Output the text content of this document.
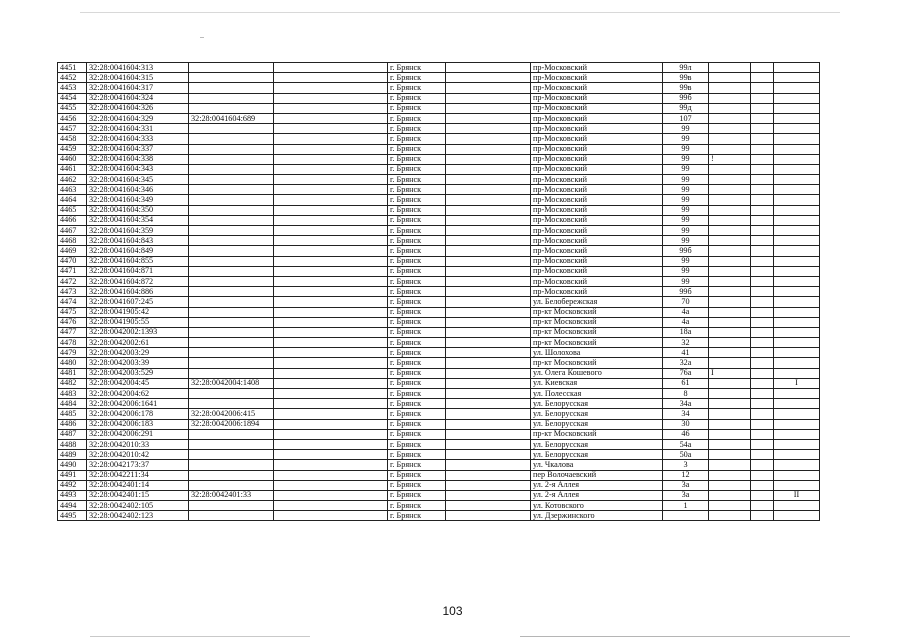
4451	32:28:0041604:313			г. Брянск		пр-Московский	99л			
4452	32:28:0041604:315			г. Брянск		пр-Московский	99в			
4453	32:28:0041604:317			г. Брянск		пр-Московский	99в			
4454	32:28:0041604:324			г. Брянск		пр-Московский	99б			
4455	32:28:0041604:326			г. Брянск		пр-Московский	99д			
4456	32:28:0041604:329	32:28:0041604:689		г. Брянск		пр-Московский	107			
4457	32:28:0041604:331			г. Брянск		пр-Московский	99			
4458	32:28:0041604:333			г. Брянск		пр-Московский	99			
4459	32:28:0041604:337			г. Брянск		пр-Московский	99			
4460	32:28:0041604:338			г. Брянск		пр-Московский	99	!		
4461	32:28:0041604:343			г. Брянск		пр-Московский	99			
4462	32:28:0041604:345			г. Брянск		пр-Московский	99			
4463	32:28:0041604:346			г. Брянск		пр-Московский	99			
4464	32:28:0041604:349			г. Брянск		пр-Московский	99			
4465	32:28:0041604:350			г. Брянск		пр-Московский	99			
4466	32:28:0041604:354			г. Брянск		пр-Московский	99			
4467	32:28:0041604:359			г. Брянск		пр-Московский	99			
4468	32:28:0041604:843			г. Брянск		пр-Московский	99			
4469	32:28:0041604:849			г. Брянск		пр-Московский	99б			
4470	32:28:0041604:855			г. Брянск		пр-Московский	99			
4471	32:28:0041604:871			г. Брянск		пр-Московский	99			
4472	32:28:0041604:872			г. Брянск		пр-Московский	99			
4473	32:28:0041604:886			г. Брянск		пр-Московский	99б			
4474	32:28:0041607:245			г. Брянск		ул. Белобережская	70			
4475	32:28:0041905:42			г. Брянск		пр-кт Московский	4а			
4476	32:28:0041905:55			г. Брянск		пр-кт Московский	4а			
4477	32:28:0042002:1393			г. Брянск		пр-кт Московский	18а			
4478	32:28:0042002:61			г. Брянск		пр-кт Московский	32			
4479	32:28:0042003:29			г. Брянск		ул. Шолохова	41			
4480	32:28:0042003:39			г. Брянск		пр-кт Московский	32а			
4481	32:28:0042003:529			г. Брянск		ул. Олега Кошевого	76а	I		
4482	32:28:0042004:45	32:28:0042004:1408		г. Брянск		ул. Киевская	61			I
4483	32:28:0042004:62			г. Брянск		ул. Полесская	8			
4484	32:28:0042006:1641			г. Брянск		ул. Белорусская	34а			
4485	32:28:0042006:178	32:28:0042006:415		г. Брянск		ул. Белорусская	34			
4486	32:28:0042006:183	32:28:0042006:1894		г. Брянск		ул. Белорусская	30			
4487	32:28:0042006:291			г. Брянск		пр-кт Московский	46			
4488	32:28:0042010:33			г. Брянск		ул. Белорусская	54а			
4489	32:28:0042010:42			г. Брянск		ул. Белорусская	50а			
4490	32:28:0042173:37			г. Брянск		ул. Чкалова	3			
4491	32:28:0042211:34			г. Брянск		пер Волочаевский	12			
4492	32:28:0042401:14			г. Брянск		ул. 2-я Аллея	3а			
4493	32:28:0042401:15	32:28:0042401:33		г. Брянск		ул. 2-я Аллея	3а			II
4494	32:28:0042402:105			г. Брянск		ул. Котовского	1			
4495	32:28:0042402:123			г. Брянск		ул. Дзержинского				
103
